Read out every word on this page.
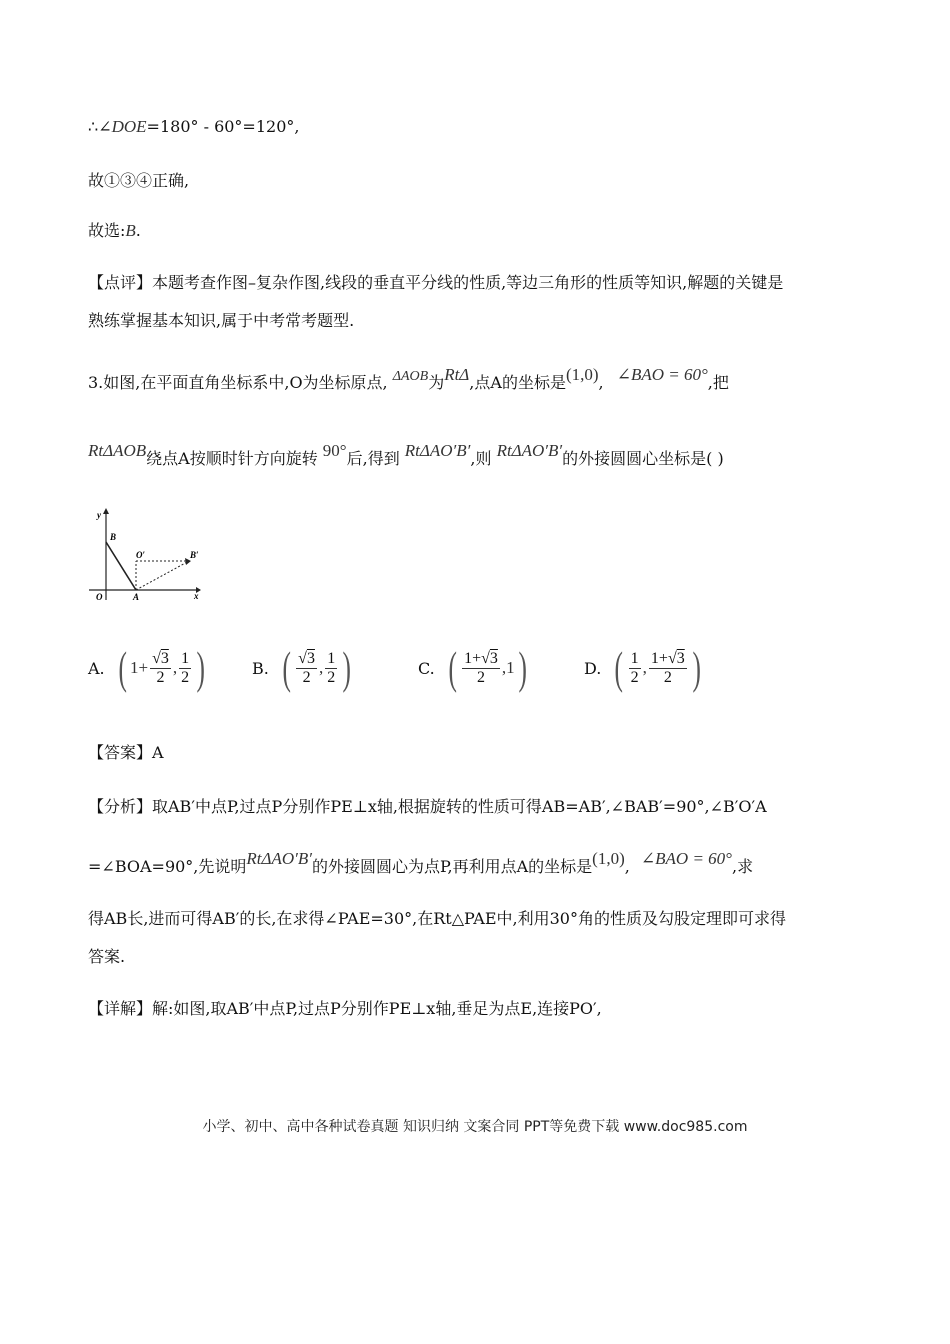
∴∠DOE=180° - 60°=120°,
故①③④正确,
故选:B.
【点评】本题考查作图–复杂作图,线段的垂直平分线的性质,等边三角形的性质等知识,解题的关键是
熟练掌握基本知识,属于中考常考题型.
3.如图,在平面直角坐标系中,O为坐标原点, ΔAOB为RtΔ,点A的坐标是(1,0), ∠BAO = 60°,把
RtΔAOB绕点A按顺时针方向旋转 90°后,得到 RtΔAO′B′,则 RtΔAO′B′的外接圆圆心坐标是( )
y
x
O	A
B
O′	B′
A. ( $1 + \frac{√3}{2}$ , $\frac{1}{2}$ )	B. ( $\frac{√3}{2}$ , $\frac{1}{2}$ )	C. ( $\frac{1+√3}{2}$ , 1 )	D. ( $\frac{1}{2}$ , $\frac{1+√3}{2}$ )
【答案】A
【分析】取AB′中点P,过点P分别作PE⊥x轴,根据旋转的性质可得AB=AB′,∠BAB′=90°,∠B′O′A
=∠BOA=90°,先说明RtΔAO′B′的外接圆圆心为点P,再利用点A的坐标是(1,0), ∠BAO = 60°,求
得AB长,进而可得AB′的长,在求得∠PAE=30°,在Rt△PAE中,利用30°角的性质及勾股定理即可求得
答案.
【详解】解:如图,取AB′中点P,过点P分别作PE⊥x轴,垂足为点E,连接PO′,
小学、初中、高中各种试卷真题 知识归纳 文案合同 PPT等免费下载 www.doc985.com
